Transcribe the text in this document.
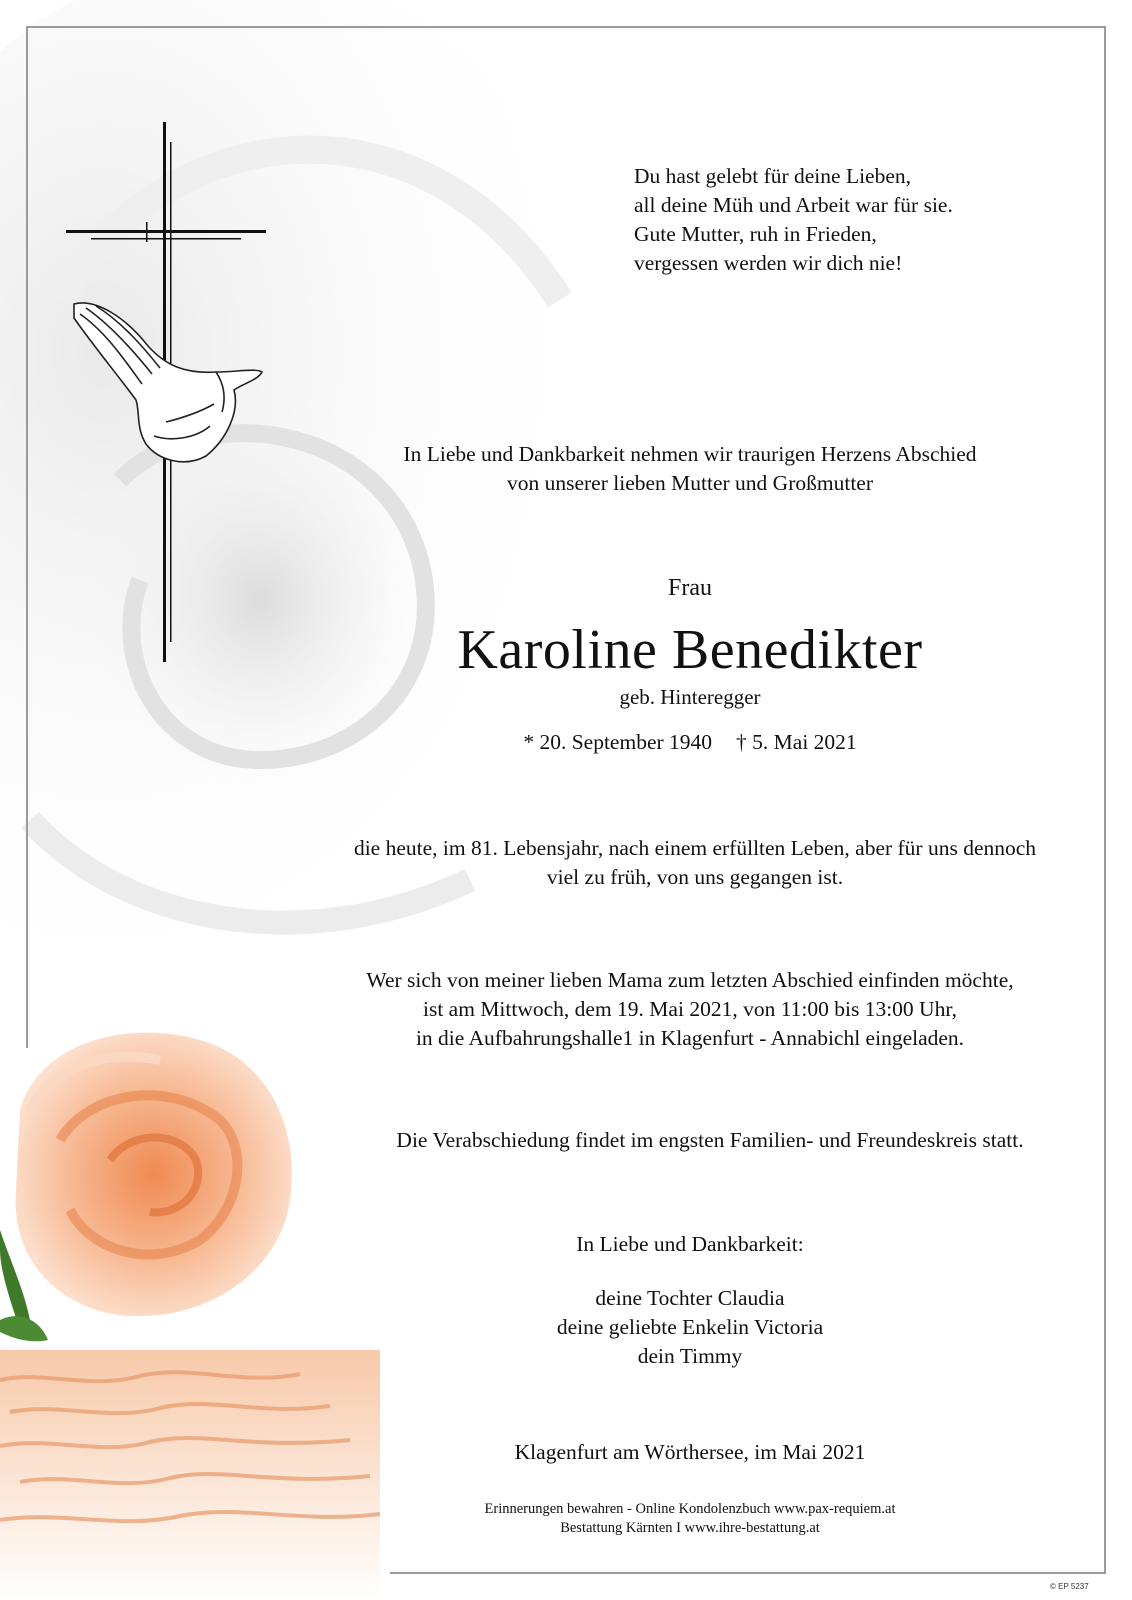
Du hast gelebt für deine Lieben,
all deine Müh und Arbeit war für sie.
Gute Mutter, ruh in Frieden,
vergessen werden wir dich nie!
In Liebe und Dankbarkeit nehmen wir traurigen Herzens Abschied
von unserer lieben Mutter und Großmutter
Frau
Karoline Benedikter
geb. Hinteregger
* 20. September 1940 † 5. Mai 2021
die heute, im 81. Lebensjahr, nach einem erfüllten Leben, aber für uns dennoch
viel zu früh, von uns gegangen ist.
Wer sich von meiner lieben Mama zum letzten Abschied einfinden möchte,
ist am Mittwoch, dem 19. Mai 2021, von 11:00 bis 13:00 Uhr,
in die Aufbahrungshalle1 in Klagenfurt - Annabichl eingeladen.
Die Verabschiedung findet im engsten Familien- und Freundeskreis statt.
In Liebe und Dankbarkeit:
deine Tochter Claudia
deine geliebte Enkelin Victoria
dein Timmy
Klagenfurt am Wörthersee, im Mai 2021
Erinnerungen bewahren - Online Kondolenzbuch www.pax-requiem.at
Bestattung Kärnten I www.ihre-bestattung.at
© EP 5237
